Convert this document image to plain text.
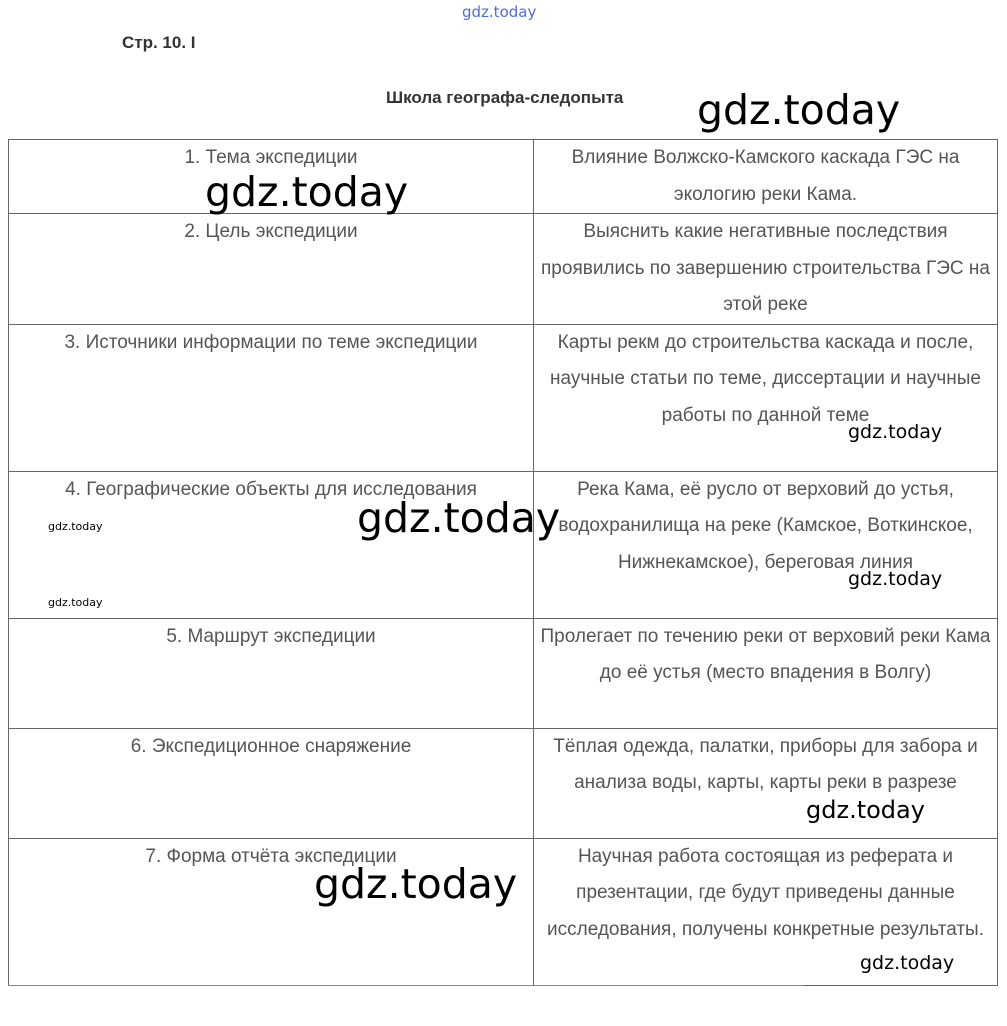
Стр. 10. I
Школа географа-следопыта
1. Тема экспедиции	Влияние Волжско-Камского каскада ГЭС на экологию реки Кама.
2. Цель экспедиции	Выяснить какие негативные последствия проявились по завершению строительства ГЭС на этой реке
3. Источники информации по теме экспедиции	Карты рекм до строительства каскада и после, научные статьи по теме, диссертации и научные работы по данной теме
4. Географические объекты для исследования	Река Кама, её русло от верховий до устья, водохранилища на реке (Камское, Воткинское, Нижнекамское), береговая линия
5. Маршрут экспедиции	Пролегает по течению реки от верховий реки Кама до её устья (место впадения в Волгу)
6. Экспедиционное снаряжение	Тёплая одежда, палатки, приборы для забора и анализа воды, карты, карты реки в разрезе
7. Форма отчёта экспедиции	Научная работа состоящая из реферата и презентации, где будут приведены данные исследования, получены конкретные результаты.
gdz.today
gdz.today
gdz.today
gdz.today
gdz.today
gdz.today
gdz.today
gdz.today
gdz.today
gdz.today
gdz.today
